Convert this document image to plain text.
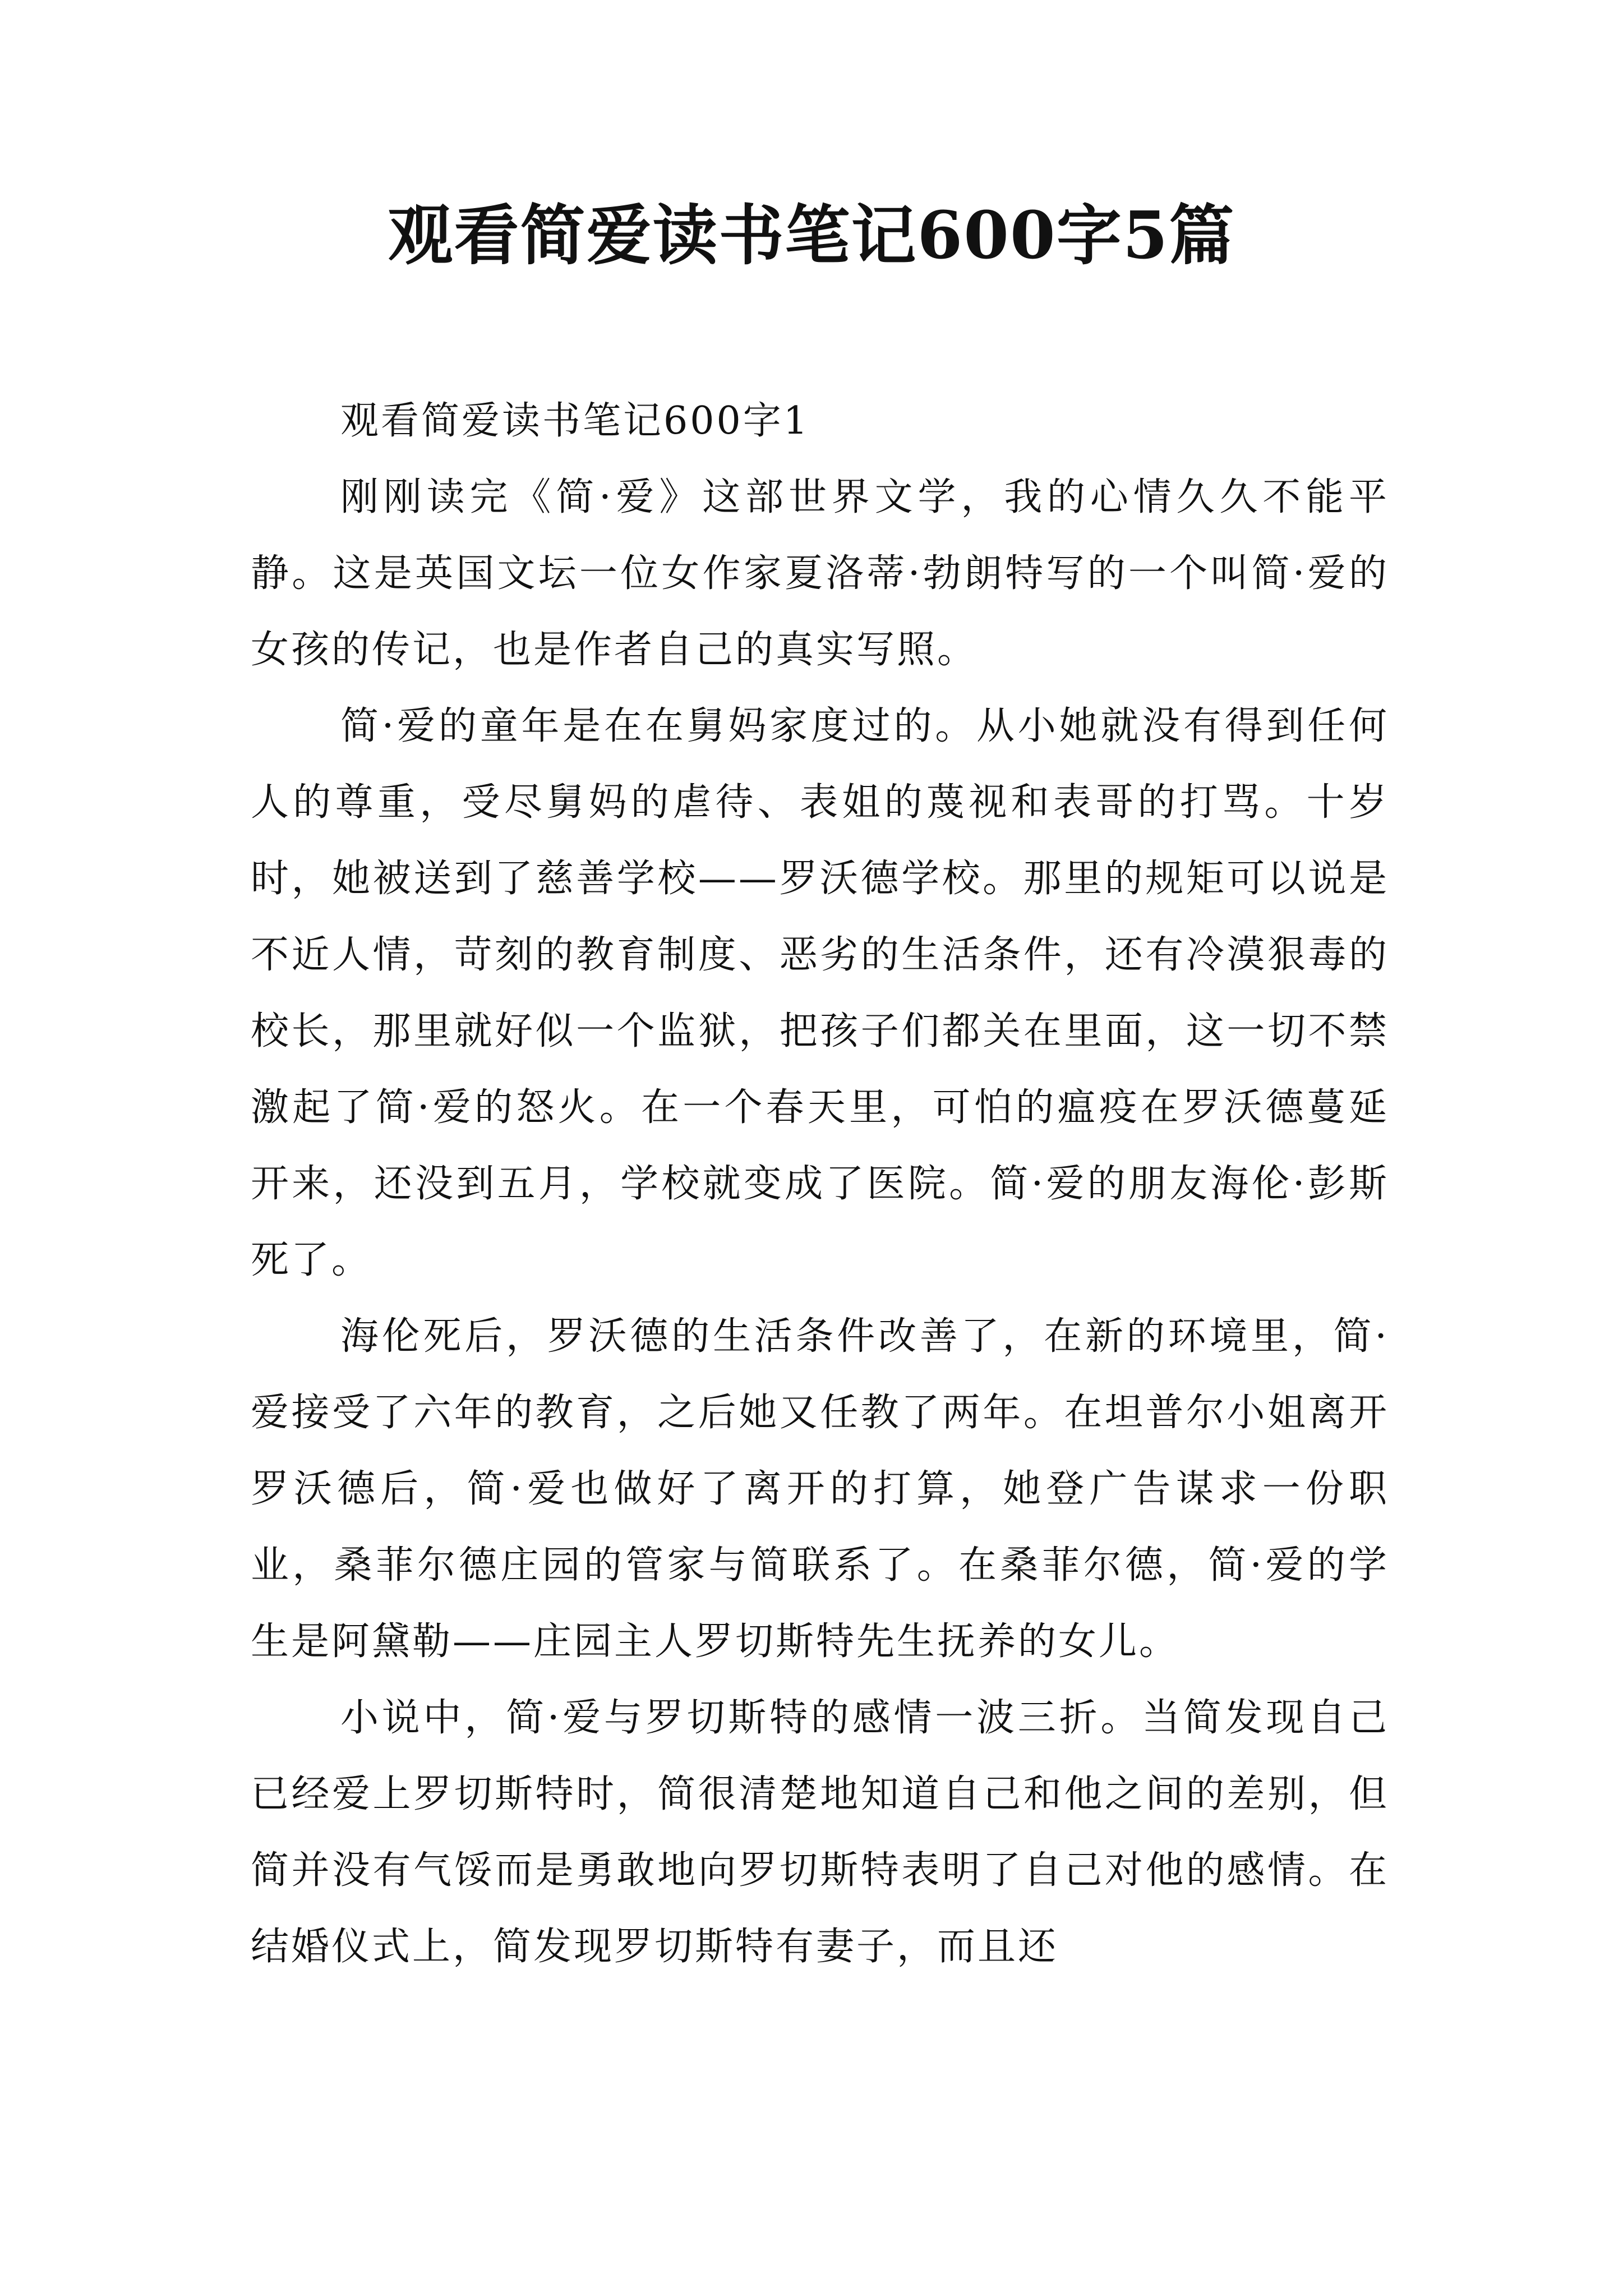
观看简爱读书笔记600字5篇
观看简爱读书笔记600字1

刚刚读完《简·爱》这部世界文学，我的心情久久不能平静。这是英国文坛一位女作家夏洛蒂·勃朗特写的一个叫简·爱的女孩的传记，也是作者自己的真实写照。

简·爱的童年是在在舅妈家度过的。从小她就没有得到任何人的尊重，受尽舅妈的虐待、表姐的蔑视和表哥的打骂。十岁时，她被送到了慈善学校——罗沃德学校。那里的规矩可以说是不近人情，苛刻的教育制度、恶劣的生活条件，还有冷漠狠毒的校长，那里就好似一个监狱，把孩子们都关在里面，这一切不禁激起了简·爱的怒火。在一个春天里，可怕的瘟疫在罗沃德蔓延开来，还没到五月，学校就变成了医院。简·爱的朋友海伦·彭斯死了。

海伦死后，罗沃德的生活条件改善了，在新的环境里，简·爱接受了六年的教育，之后她又任教了两年。在坦普尔小姐离开罗沃德后，简·爱也做好了离开的打算，她登广告谋求一份职业，桑菲尔德庄园的管家与简联系了。在桑菲尔德，简·爱的学生是阿黛勒——庄园主人罗切斯特先生抚养的女儿。

小说中，简·爱与罗切斯特的感情一波三折。当简发现自己已经爱上罗切斯特时，简很清楚地知道自己和他之间的差别，但简并没有气馁而是勇敢地向罗切斯特表明了自己对他的感情。在结婚仪式上，简发现罗切斯特有妻子，而且还
